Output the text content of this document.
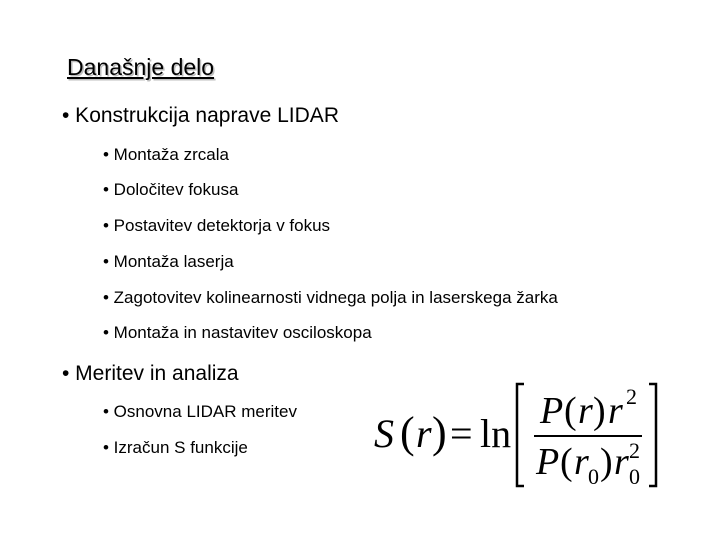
Današnje delo
• Konstrukcija naprave LIDAR
• Montaža zrcala
• Določitev fokusa
• Postavitev detektorja v fokus
• Montaža laserja
• Zagotovitev kolinearnosti vidnega polja in laserskega žarka
• Montaža in nastavitev osciloskopa
• Meritev in analiza
• Osnovna LIDAR meritev
• Izračun S funkcije	S ( r ) = ln P ( r ) r 2
P ( r 0 ) r 0
2
